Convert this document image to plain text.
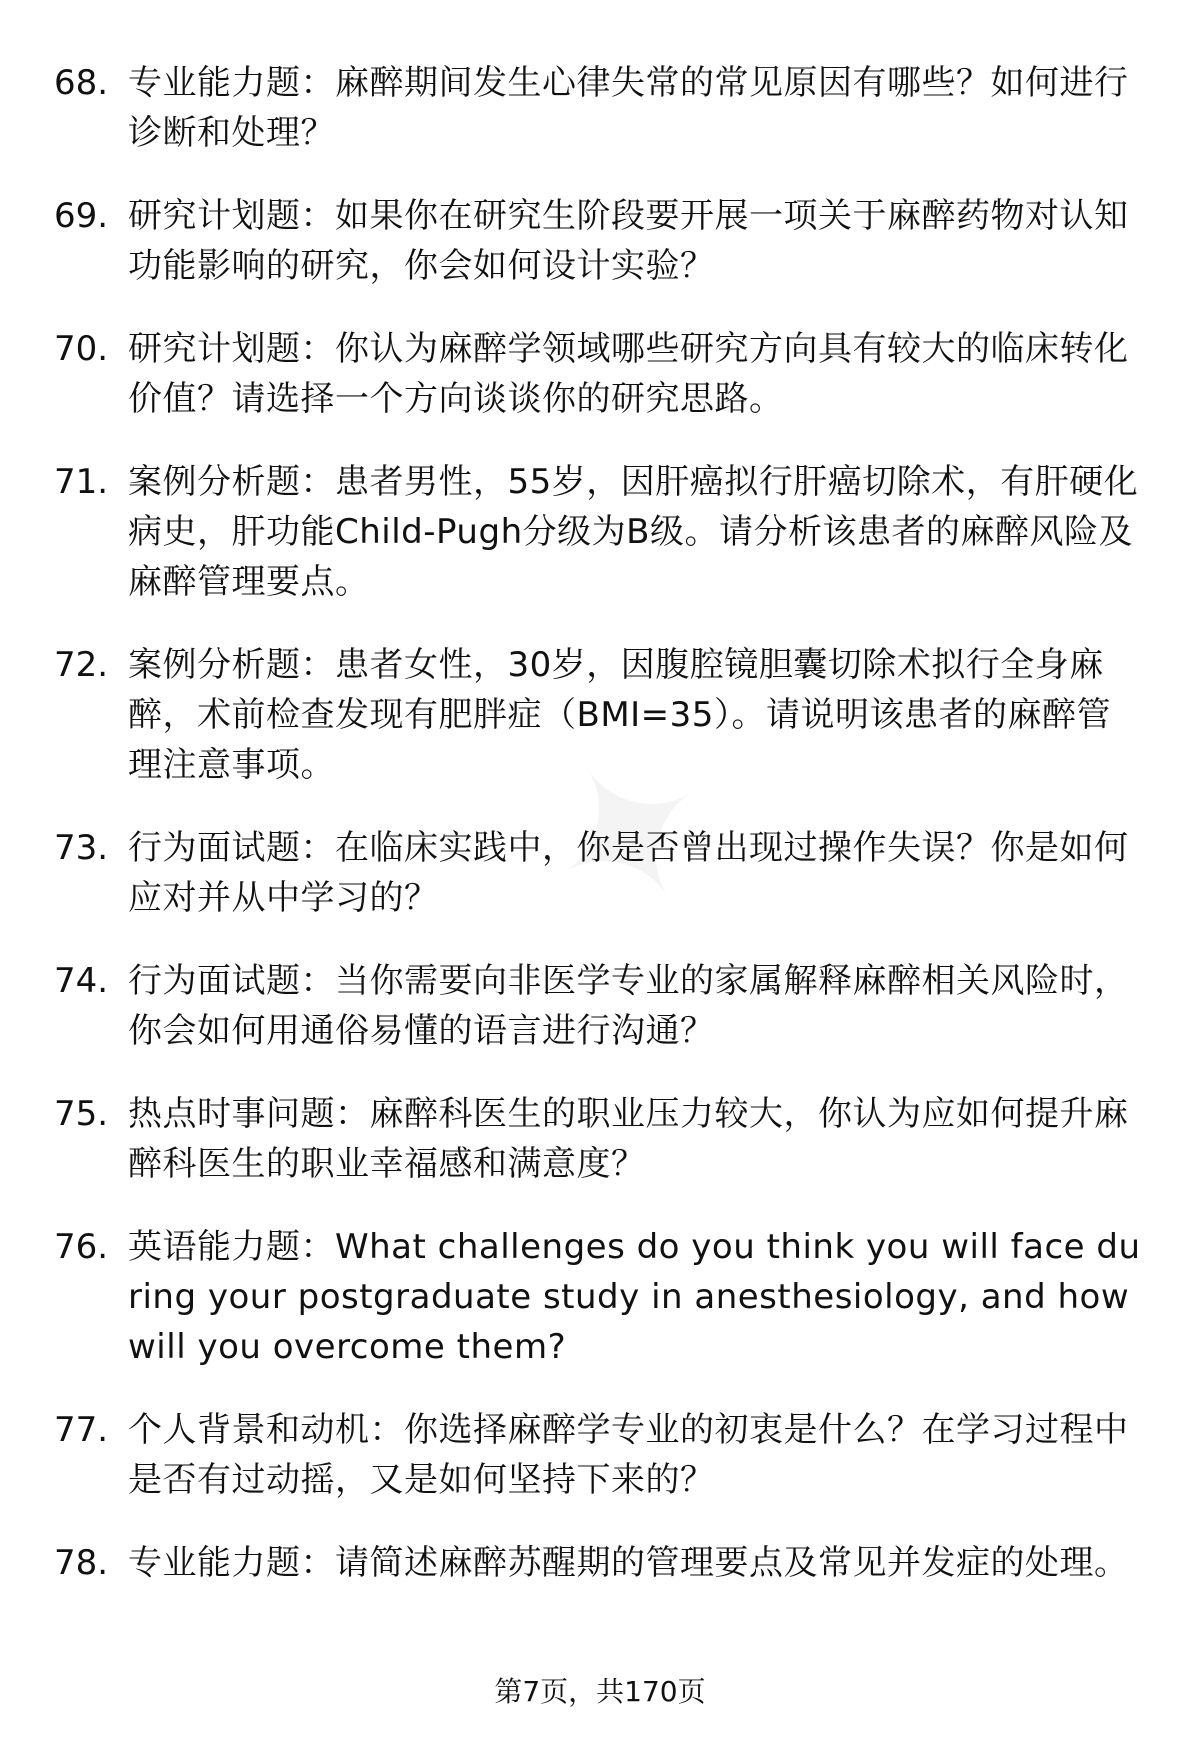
68. 专业能力题：麻醉期间发生心律失常的常见原因有哪些？如何进行诊断和处理？
69. 研究计划题：如果你在研究生阶段要开展一项关于麻醉药物对认知功能影响的研究，你会如何设计实验？
70. 研究计划题：你认为麻醉学领域哪些研究方向具有较大的临床转化价值？请选择一个方向谈谈你的研究思路。
71. 案例分析题：患者男性，55岁，因肝癌拟行肝癌切除术，有肝硬化病史，肝功能Child-Pugh分级为B级。请分析该患者的麻醉风险及麻醉管理要点。
72. 案例分析题：患者女性，30岁，因腹腔镜胆囊切除术拟行全身麻醉，术前检查发现有肥胖症（BMI=35）。请说明该患者的麻醉管理注意事项。
73. 行为面试题：在临床实践中，你是否曾出现过操作失误？你是如何应对并从中学习的？
74. 行为面试题：当你需要向非医学专业的家属解释麻醉相关风险时，你会如何用通俗易懂的语言进行沟通？
75. 热点时事问题：麻醉科医生的职业压力较大，你认为应如何提升麻醉科医生的职业幸福感和满意度？
76. 英语能力题：What challenges do you think you will face during your postgraduate study in anesthesiology, and how will you overcome them?
77. 个人背景和动机：你选择麻醉学专业的初衷是什么？在学习过程中是否有过动摇，又是如何坚持下来的？
78. 专业能力题：请简述麻醉苏醒期的管理要点及常见并发症的处理。
第7页，共170页
